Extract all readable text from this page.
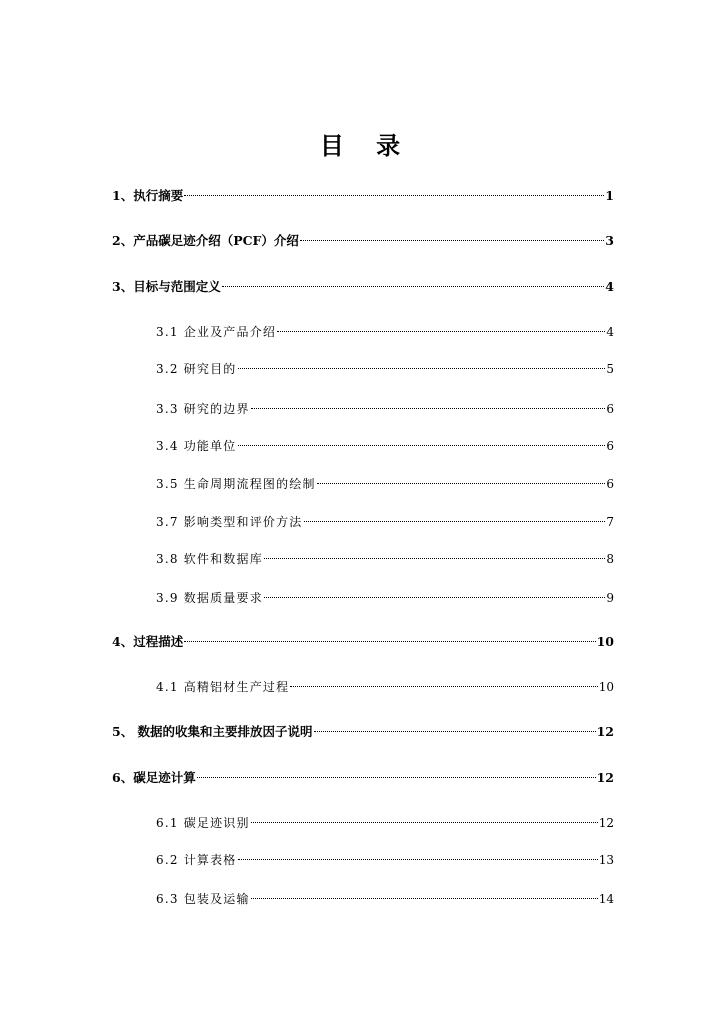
目 录
1、执行摘要	1
2、产品碳足迹介绍（PCF）介绍	3
3、目标与范围定义	4
3.1 企业及产品介绍	4
3.2 研究目的	5
3.3 研究的边界	6
3.4 功能单位	6
3.5 生命周期流程图的绘制	6
3.7 影响类型和评价方法	7
3.8 软件和数据库	8
3.9 数据质量要求	9
4、过程描述	10
4.1 高精铝材生产过程	10
5、 数据的收集和主要排放因子说明	12
6、碳足迹计算	12
6.1 碳足迹识别	12
6.2 计算表格	13
6.3 包装及运输	14
